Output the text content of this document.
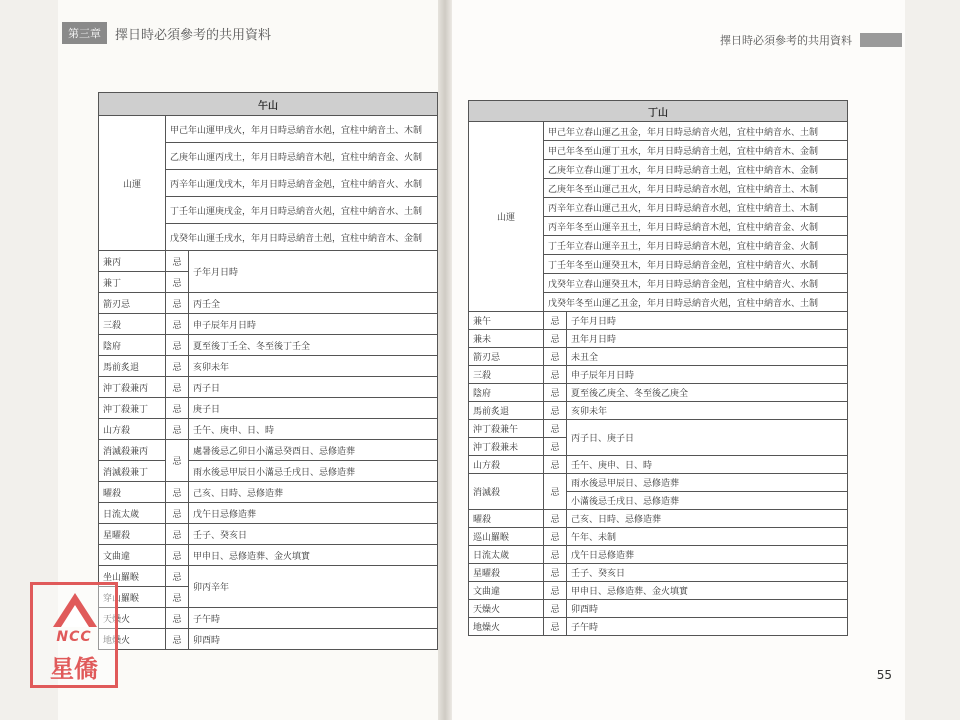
第三章	擇日時必須參考的共用資料	擇日時必須參考的共用資料
午山		
山運	甲己年山運甲戌火，年月日時忌納音水剋，宜柱中納音土、木制	
	乙庚年山運丙戌土，年月日時忌納音木剋，宜柱中納音金、火制	
	丙辛年山運戊戌木，年月日時忌納音金剋，宜柱中納音火、水制	
	丁壬年山運庚戌金，年月日時忌納音火剋，宜柱中納音水、土制	
	戊癸年山運壬戌水，年月日時忌納音土剋，宜柱中納音木、金制	
兼丙	忌	子年月日時
兼丁	忌	
箭刃忌	忌	丙壬全
三殺	忌	申子辰年月日時
陰府	忌	夏至後丁壬全、冬至後丁壬全
馬前炙退	忌	亥卯未年
沖丁殺兼丙	忌	丙子日
沖丁殺兼丁	忌	庚子日
山方殺	忌	壬午、庚申、日、時
消滅殺兼丙	忌	處暑後忌乙卯日小滿忌癸酉日、忌修造葬
消滅殺兼丁		雨水後忌甲辰日小滿忌壬戌日、忌修造葬
曜殺	忌	己亥、日時、忌修造葬
日流太歲	忌	戊午日忌修造葬
星曜殺	忌	壬子、癸亥日
文曲違	忌	甲申日、忌修造葬、金火填實
坐山羅睺	忌	卯丙辛年
穿山羅睺	忌	
天燥火	忌	子午時
地燥火	忌	卯酉時
丁山		
山運	甲己年立春山運乙丑金，年月日時忌納音火剋，宜柱中納音水、土制	
	甲己年冬至山運丁丑水，年月日時忌納音土剋，宜柱中納音木、金制	
	乙庚年立春山運丁丑水，年月日時忌納音土剋，宜柱中納音木、金制	
	乙庚年冬至山運己丑火，年月日時忌納音水剋，宜柱中納音土、木制	
	丙辛年立春山運己丑火，年月日時忌納音水剋，宜柱中納音土、木制	
	丙辛年冬至山運辛丑土，年月日時忌納音木剋，宜柱中納音金、火制	
	丁壬年立春山運辛丑土，年月日時忌納音木剋，宜柱中納音金、火制	
	丁壬年冬至山運癸丑木，年月日時忌納音金剋，宜柱中納音火、水制	
	戊癸年立春山運癸丑木，年月日時忌納音金剋，宜柱中納音火、水制	
	戊癸年冬至山運乙丑金，年月日時忌納音火剋，宜柱中納音水、土制	
兼午	忌	子年月日時
兼未	忌	丑年月日時
箭刃忌	忌	未丑全
三殺	忌	申子辰年月日時
陰府	忌	夏至後乙庚全、冬至後乙庚全
馬前炙退	忌	亥卯未年
沖丁殺兼午	忌	丙子日、庚子日
沖丁殺兼未	忌	
山方殺	忌	壬午、庚申、日、時
消滅殺	忌	雨水後忌甲辰日、忌修造葬
		小滿後忌壬戌日、忌修造葬
曜殺	忌	己亥、日時、忌修造葬
巡山羅睺	忌	午年、未制
日流太歲	忌	戊午日忌修造葬
星曜殺	忌	壬子、癸亥日
文曲違	忌	甲申日、忌修造葬、金火填實
天燥火	忌	卯酉時
地燥火	忌	子午時
55
NCC
星僑
